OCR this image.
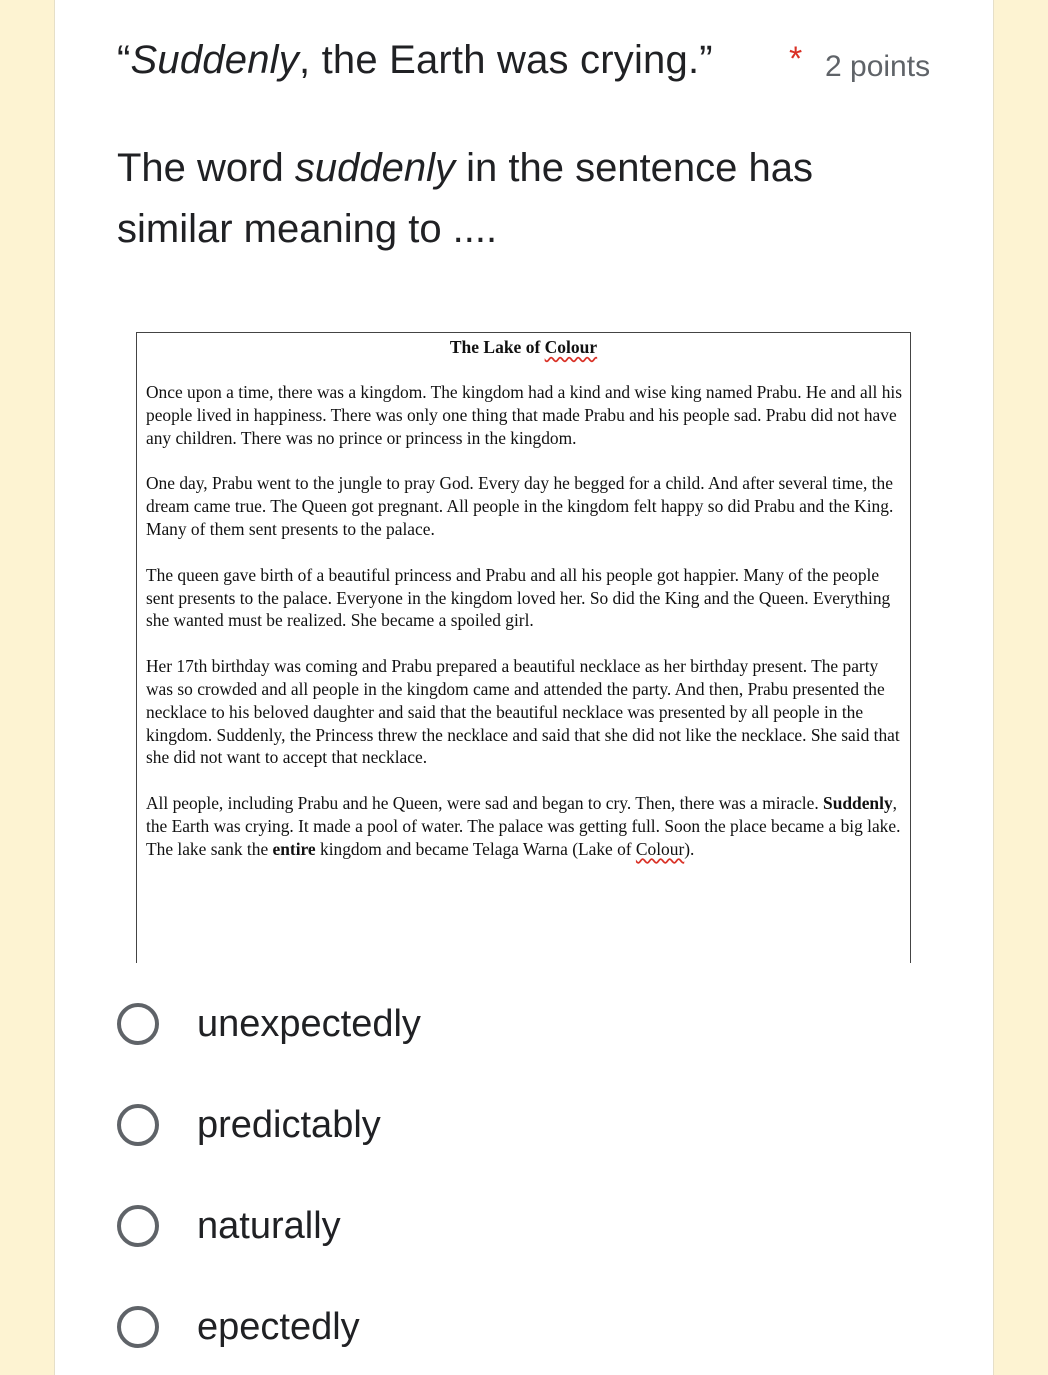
“Suddenly, the Earth was crying.” * 2 points
The word suddenly in the sentence has similar meaning to ....
The Lake of Colour

Once upon a time, there was a kingdom. The kingdom had a kind and wise king named Prabu. He and all his people lived in happiness. There was only one thing that made Prabu and his people sad. Prabu did not have any children. There was no prince or princess in the kingdom.

One day, Prabu went to the jungle to pray God. Every day he begged for a child. And after several time, the dream came true. The Queen got pregnant. All people in the kingdom felt happy so did Prabu and the King. Many of them sent presents to the palace.

The queen gave birth of a beautiful princess and Prabu and all his people got happier. Many of the people sent presents to the palace. Everyone in the kingdom loved her. So did the King and the Queen. Everything she wanted must be realized. She became a spoiled girl.

Her 17th birthday was coming and Prabu prepared a beautiful necklace as her birthday present. The party was so crowded and all people in the kingdom came and attended the party. And then, Prabu presented the necklace to his beloved daughter and said that the beautiful necklace was presented by all people in the kingdom. Suddenly, the Princess threw the necklace and said that she did not like the necklace. She said that she did not want to accept that necklace.

All people, including Prabu and he Queen, were sad and began to cry. Then, there was a miracle. Suddenly, the Earth was crying. It made a pool of water. The palace was getting full. Soon the place became a big lake. The lake sank the entire kingdom and became Telaga Warna (Lake of Colour).

unexpectedly
predictably
naturally
epectedly
